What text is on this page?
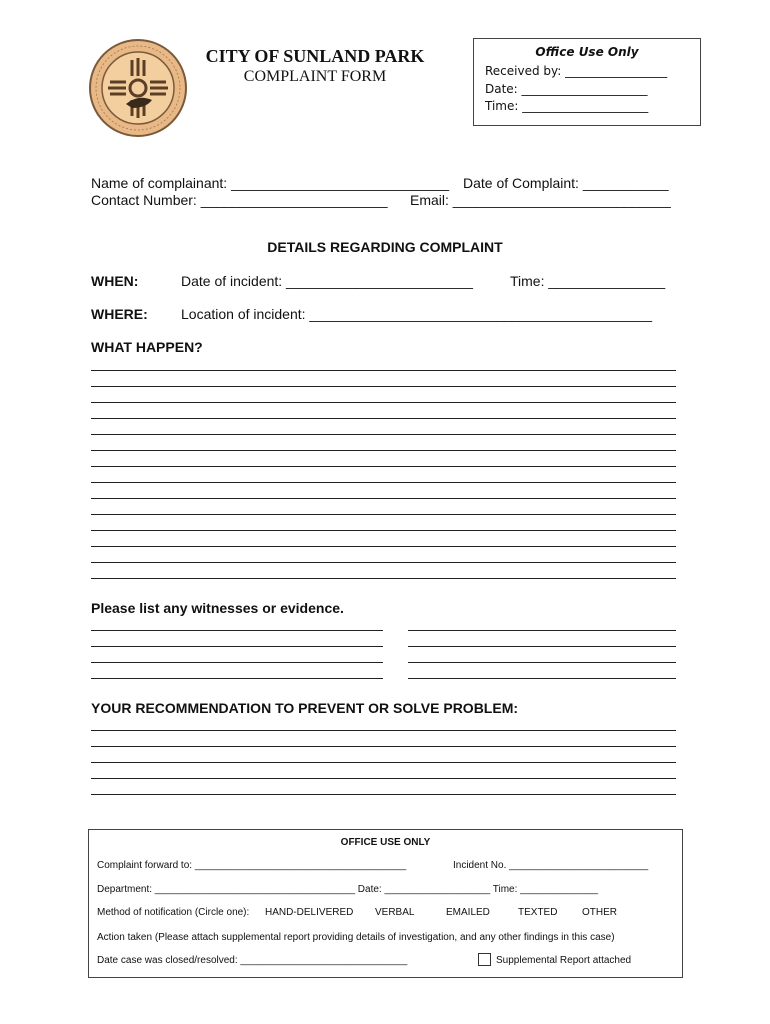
CITY OF SUNLAND PARK
COMPLAINT FORM
Office Use Only
Received by: _________________
Date: _____________________
Time: _____________________
Name of complainant: ____________________________ Date of Complaint: ___________
Contact Number: ________________________ Email: ____________________________
DETAILS REGARDING COMPLAINT
WHEN:	Date of incident: ________________________	Time: _______________
WHERE: Location of incident: ____________________________________________
WHAT HAPPEN?
Please list any witnesses or evidence.
YOUR RECOMMENDATION TO PREVENT OR SOLVE PROBLEM:
OFFICE USE ONLY
Complaint forward to: ______________________________________	Incident No. _________________________
Department: ____________________________________ Date: ___________________ Time: ______________
Method of notification (Circle one): HAND-DELIVERED VERBAL	EMAILED	TEXTED OTHER
Action taken (Please attach supplemental report providing details of investigation, and any other findings in this case)
Date case was closed/resolved: ______________________________	Supplemental Report attached
